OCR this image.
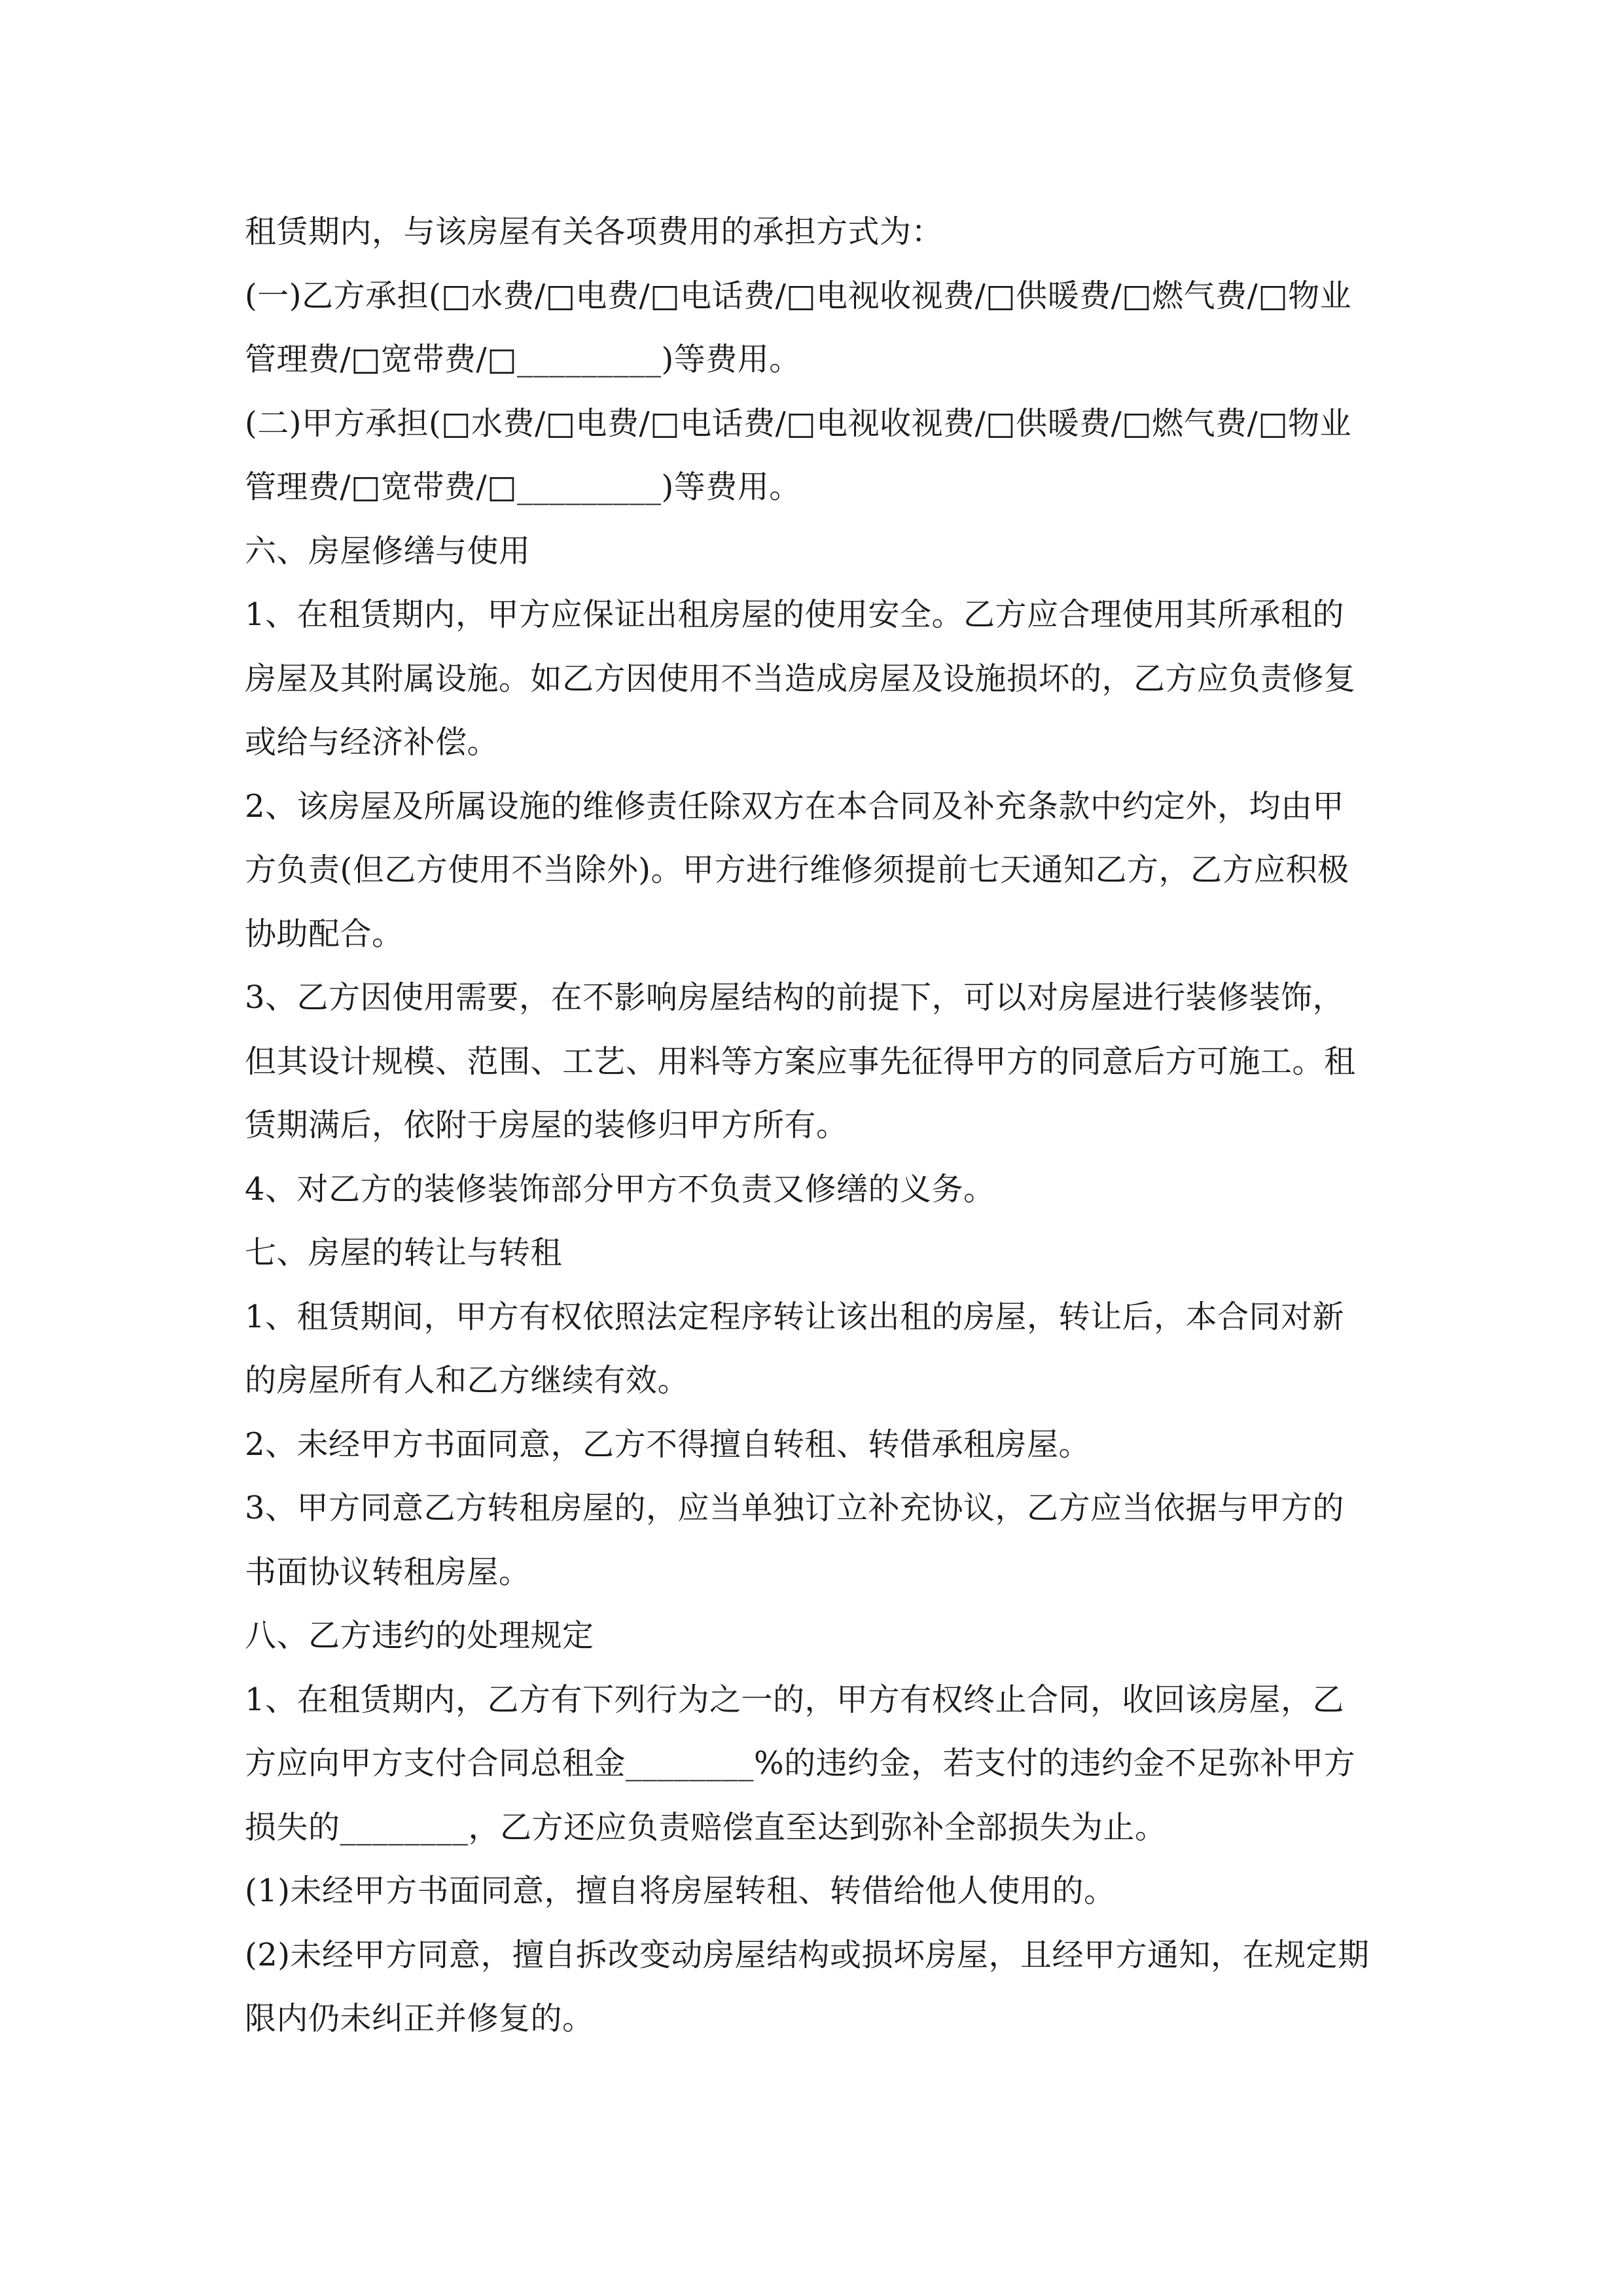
租赁期内，与该房屋有关各项费用的承担方式为：

(一)乙方承担(□水费/□电费/□电话费/□电视收视费/□供暖费/□燃气费/□物业管理费/□宽带费/□_________)等费用。

(二)甲方承担(□水费/□电费/□电话费/□电视收视费/□供暖费/□燃气费/□物业管理费/□宽带费/□_________)等费用。

六、房屋修缮与使用

1、在租赁期内，甲方应保证出租房屋的使用安全。乙方应合理使用其所承租的房屋及其附属设施。如乙方因使用不当造成房屋及设施损坏的，乙方应负责修复或给与经济补偿。

2、该房屋及所属设施的维修责任除双方在本合同及补充条款中约定外，均由甲方负责(但乙方使用不当除外)。甲方进行维修须提前七天通知乙方，乙方应积极协助配合。

3、乙方因使用需要，在不影响房屋结构的前提下，可以对房屋进行装修装饰，但其设计规模、范围、工艺、用料等方案应事先征得甲方的同意后方可施工。租赁期满后，依附于房屋的装修归甲方所有。

4、对乙方的装修装饰部分甲方不负责又修缮的义务。

七、房屋的转让与转租

1、租赁期间，甲方有权依照法定程序转让该出租的房屋，转让后，本合同对新的房屋所有人和乙方继续有效。

2、未经甲方书面同意，乙方不得擅自转租、转借承租房屋。

3、甲方同意乙方转租房屋的，应当单独订立补充协议，乙方应当依据与甲方的书面协议转租房屋。

八、乙方违约的处理规定

1、在租赁期内，乙方有下列行为之一的，甲方有权终止合同，收回该房屋，乙方应向甲方支付合同总租金________%的违约金，若支付的违约金不足弥补甲方损失的________，乙方还应负责赔偿直至达到弥补全部损失为止。

(1)未经甲方书面同意，擅自将房屋转租、转借给他人使用的。

(2)未经甲方同意，擅自拆改变动房屋结构或损坏房屋，且经甲方通知，在规定期限内仍未纠正并修复的。
